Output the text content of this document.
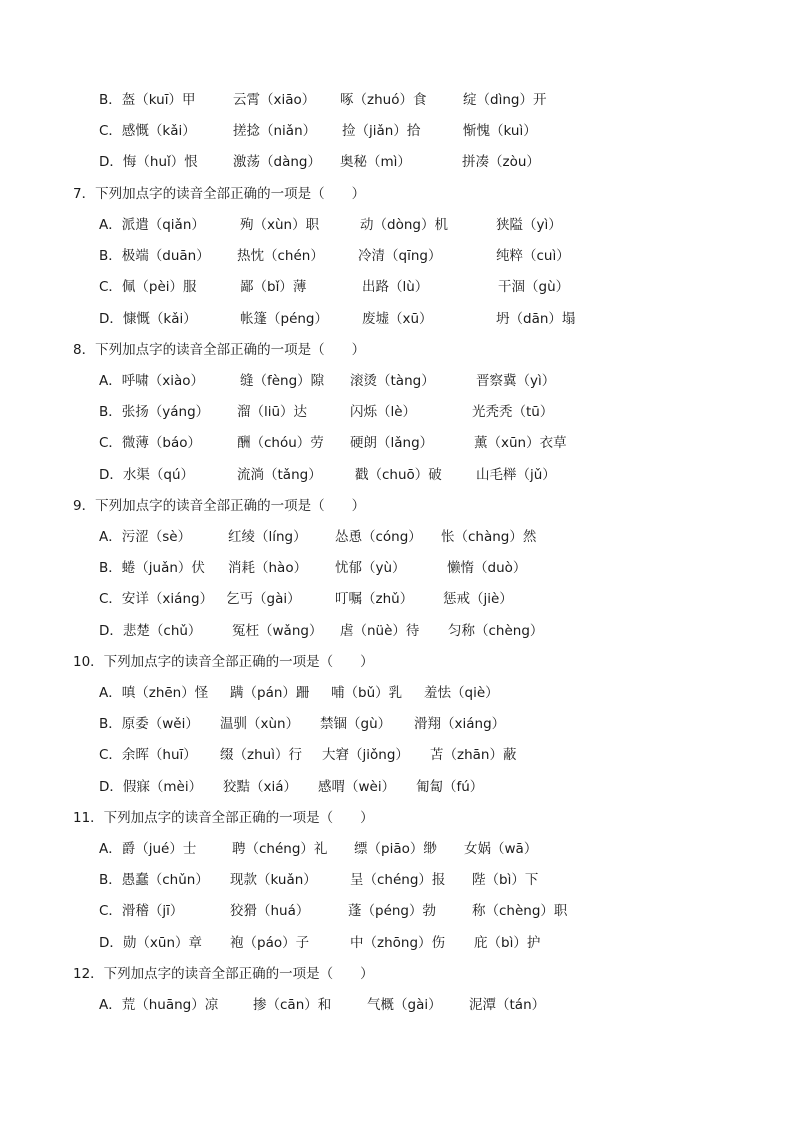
B．盔（kuī）甲	云霄（xiāo） 啄（zhuó）食	绽（dìng）开
C．感慨（kǎi）	搓捻（niǎn） 捡（jiǎn）拾	惭愧（kuì）
D．悔（huǐ）恨	激荡（dàng） 奥秘（mì）	拼凑（zòu）
7．下列加点字的读音全部正确的一项是（　　）
A．派遣（qiǎn）	殉（xùn）职	动（dòng）机	狭隘（yì）
B．极端（duān） 热忱（chén）	冷清（qīng）	纯粹（cuì）
C．佩（pèi）服	鄙（bǐ）薄	出路（lù）	干涸（gù）
D．慷慨（kǎi）	帐篷（péng）	废墟（xū）	坍（dān）塌
8．下列加点字的读音全部正确的一项是（　　）
A．呼啸（xiào）	缝（fèng）隙 滚烫（tàng）	晋察冀（yì）
B．张扬（yáng） 溜（liū）达	闪烁（lè）	光秃秃（tū）
C．微薄（báo）	酬（chóu）劳 硬朗（lǎng）	薰（xūn）衣草
D．水渠（qú）	流淌（tǎng） 戳（chuō）破	山毛榉（jǔ）
9．下列加点字的读音全部正确的一项是（　　）
A．污涩（sè）	红绫（líng） 怂恿（cóng） 怅（chàng）然
B．蜷（juǎn）伏 消耗（hào） 忧郁（yù）	懒惰（duò）
C．安详（xiáng） 乞丐（gài）	叮嘱（zhǔ） 惩戒（jiè）
D．悲楚（chǔ） 冤枉（wǎng） 虐（nüè）待 匀称（chèng）
10．下列加点字的读音全部正确的一项是（　　）
A．嗔（zhēn）怪 蹒（pán）跚 哺（bǔ）乳 羞怯（qiè）
B．原委（wěi） 温驯（xùn） 禁锢（gù） 滑翔（xiáng）
C．余晖（huī） 缀（zhuì）行 大窘（jiǒng） 苫（zhān）蔽
D．假寐（mèi） 狡黠（xiá） 感喟（wèi） 匍匐（fú）
11．下列加点字的读音全部正确的一项是（　　）
A．爵（jué）士	聘（chéng）礼 缥（piāo）缈 女娲（wā）
B．愚蠢（chǔn） 现款（kuǎn） 呈（chéng）报 陛（bì）下
C．滑稽（jī）	狡猾（huá）	蓬（péng）勃	称（chèng）职
D．勋（xūn）章 袍（páo）子	中（zhōng）伤 庇（bì）护
12．下列加点字的读音全部正确的一项是（　　）
A．荒（huāng）凉	掺（cān）和	气概（gài） 泥潭（tán）
